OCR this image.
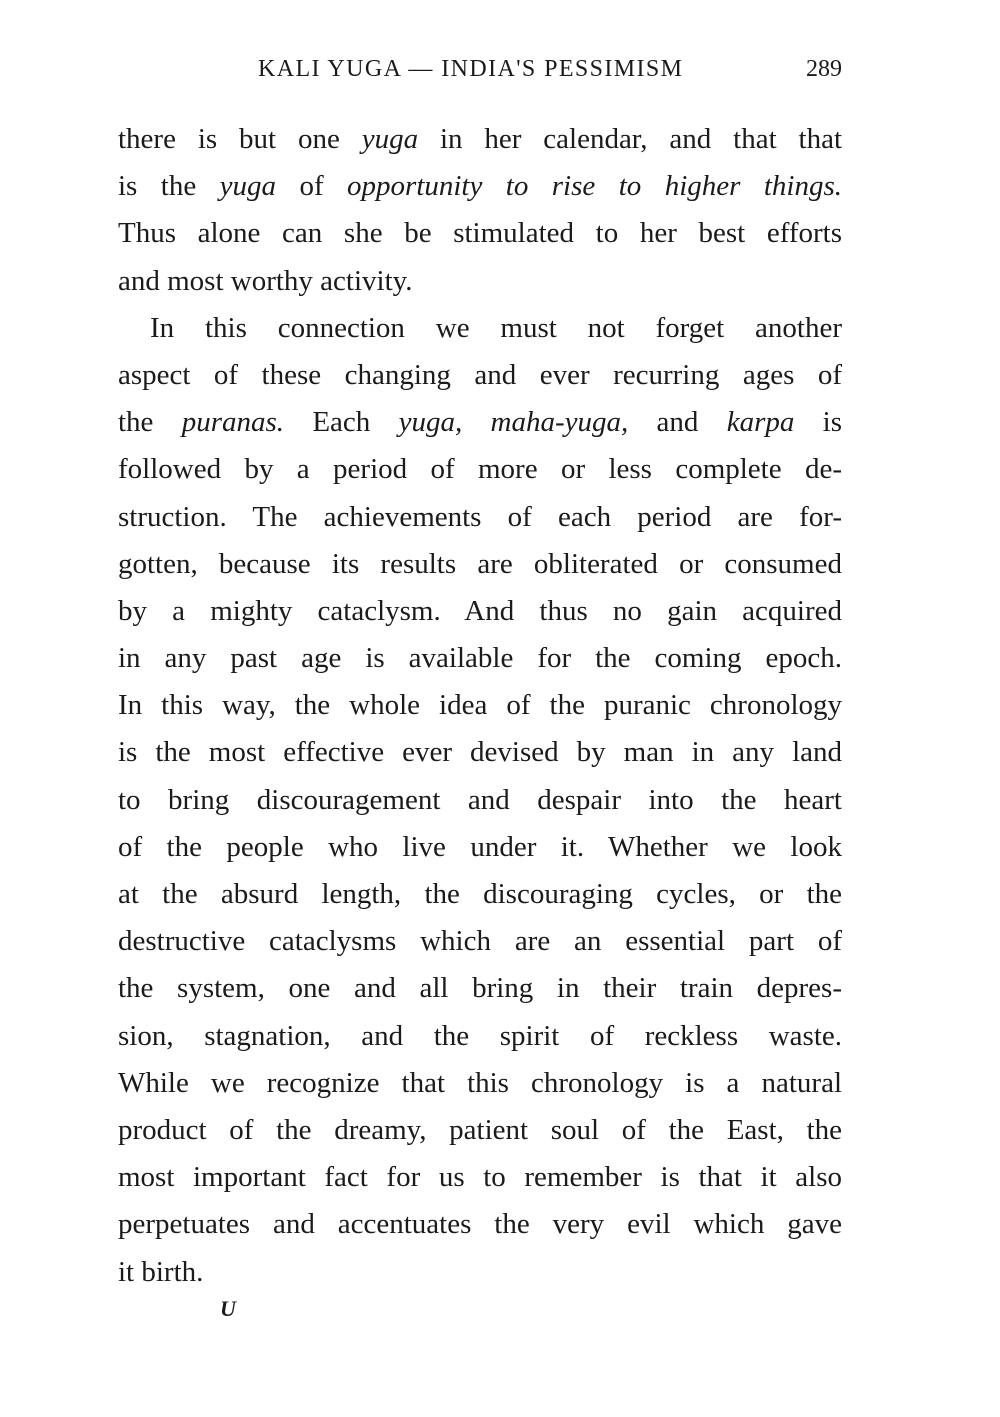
KALI YUGA — INDIA'S PESSIMISM	289
there is but one yuga in her calendar, and that that
is the yuga of opportunity to rise to higher things.
Thus alone can she be stimulated to her best efforts
and most worthy activity.
In this connection we must not forget another
aspect of these changing and ever recurring ages of
the puranas. Each yuga, maha-yuga, and karpa is
followed by a period of more or less complete de-
struction. The achievements of each period are for-
gotten, because its results are obliterated or consumed
by a mighty cataclysm. And thus no gain acquired
in any past age is available for the coming epoch.
In this way, the whole idea of the puranic chronology
is the most effective ever devised by man in any land
to bring discouragement and despair into the heart
of the people who live under it. Whether we look
at the absurd length, the discouraging cycles, or the
destructive cataclysms which are an essential part of
the system, one and all bring in their train depres-
sion, stagnation, and the spirit of reckless waste.
While we recognize that this chronology is a natural
product of the dreamy, patient soul of the East, the
most important fact for us to remember is that it also
perpetuates and accentuates the very evil which gave
it birth.
U
